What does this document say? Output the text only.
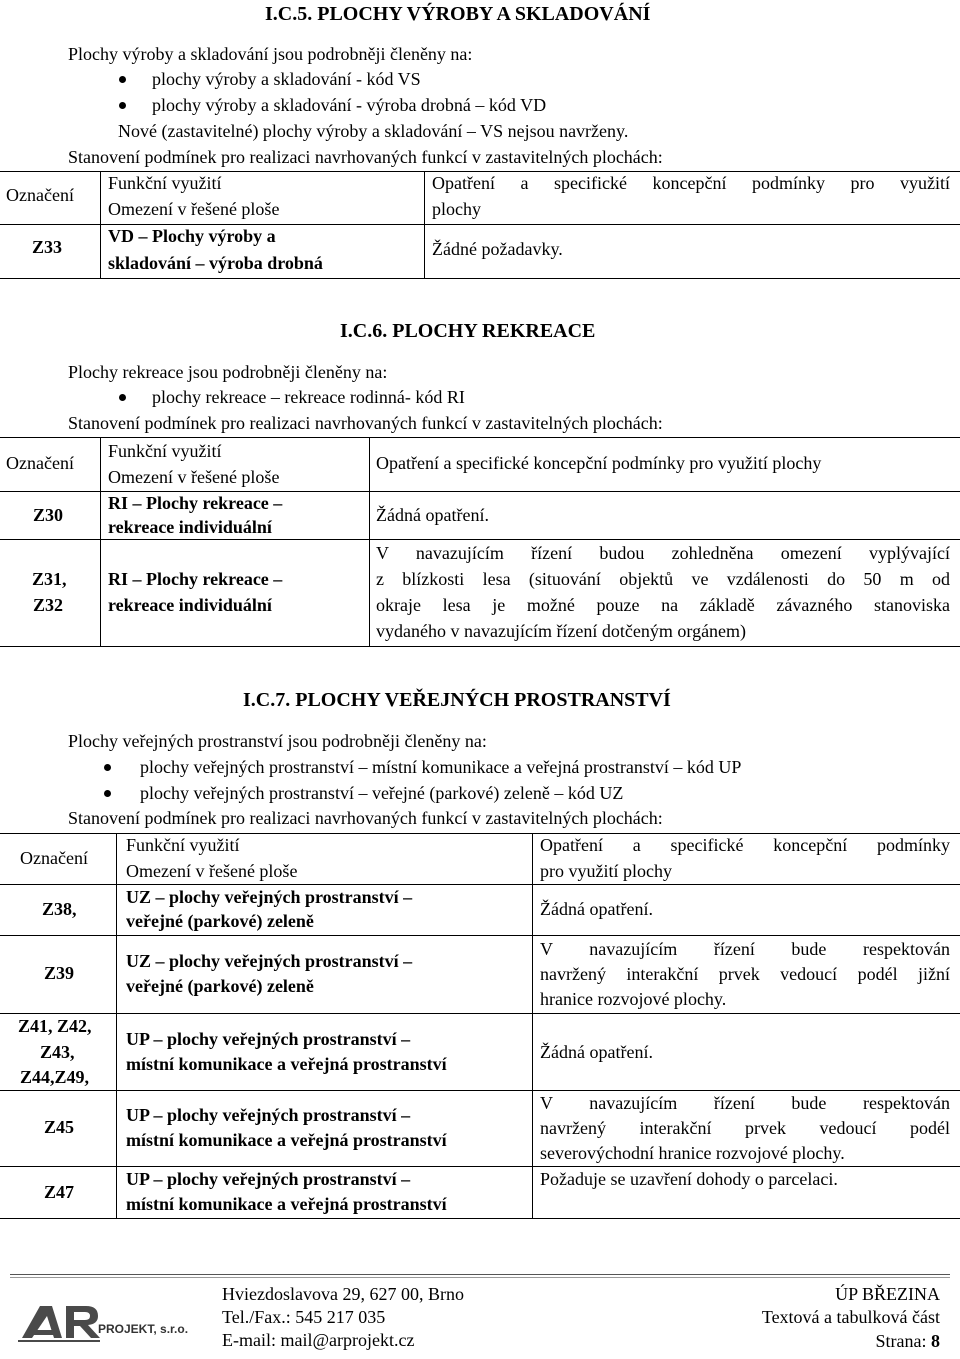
I.C.5. PLOCHY VÝROBY A SKLADOVÁNÍ
Plochy výroby a skladování jsou podrobněji členěny na:
plochy výroby a skladování - kód VS
plochy výroby a skladování - výroba drobná – kód VD
Nové (zastavitelné) plochy výroby a skladování – VS nejsou navrženy.
Stanovení podmínek pro realizaci navrhovaných funkcí v zastavitelných plochách:
Označení
Funkční využití
Omezení v řešené ploše
Opatření a specifické koncepční podmínky pro využití
plochy
Z33
VD – Plochy výroby a
skladování – výroba drobná
Žádné požadavky.
I.C.6. PLOCHY REKREACE
Plochy rekreace jsou podrobněji členěny na:
plochy rekreace – rekreace rodinná- kód RI
Stanovení podmínek pro realizaci navrhovaných funkcí v zastavitelných plochách:
Označení
Funkční využití
Omezení v řešené ploše
Opatření a specifické koncepční podmínky pro využití plochy
Z30
RI – Plochy rekreace –
rekreace individuální
Žádná opatření.
Z31,
Z32
RI – Plochy rekreace –
rekreace individuální
V navazujícím řízení budou zohledněna omezení vyplývající
z blízkosti lesa (situování objektů ve vzdálenosti do 50 m od
okraje lesa je možné pouze na základě závazného stanoviska
vydaného v navazujícím řízení dotčeným orgánem)
I.C.7. PLOCHY VEŘEJNÝCH PROSTRANSTVÍ
Plochy veřejných prostranství jsou podrobněji členěny na:
plochy veřejných prostranství – místní komunikace a veřejná prostranství – kód UP
plochy veřejných prostranství – veřejné (parkové) zeleně – kód UZ
Stanovení podmínek pro realizaci navrhovaných funkcí v zastavitelných plochách:
Označení
Funkční využití
Omezení v řešené ploše
Opatření a specifické koncepční podmínky
pro využití plochy
Z38,
UZ – plochy veřejných prostranství –
veřejné (parkové) zeleně
Žádná opatření.
Z39
UZ – plochy veřejných prostranství –
veřejné (parkové) zeleně
V navazujícím řízení bude respektován
navržený interakční prvek vedoucí podél jižní
hranice rozvojové plochy.
Z41, Z42,
Z43,
Z44,Z49,
UP – plochy veřejných prostranství –
místní komunikace a veřejná prostranství
Žádná opatření.
Z45
UP – plochy veřejných prostranství –
místní komunikace a veřejná prostranství
V navazujícím řízení bude respektován
navržený interakční prvek vedoucí podél
severovýchodní hranice rozvojové plochy.
Z47
UP – plochy veřejných prostranství –
místní komunikace a veřejná prostranství
Požaduje se uzavření dohody o parcelaci.
PROJEKT, s.r.o.
Hviezdoslavova 29, 627 00, Brno
Tel./Fax.: 545 217 035
E-mail: mail@arprojekt.cz
ÚP BŘEZINA
Textová a tabulková část
Strana: 8
